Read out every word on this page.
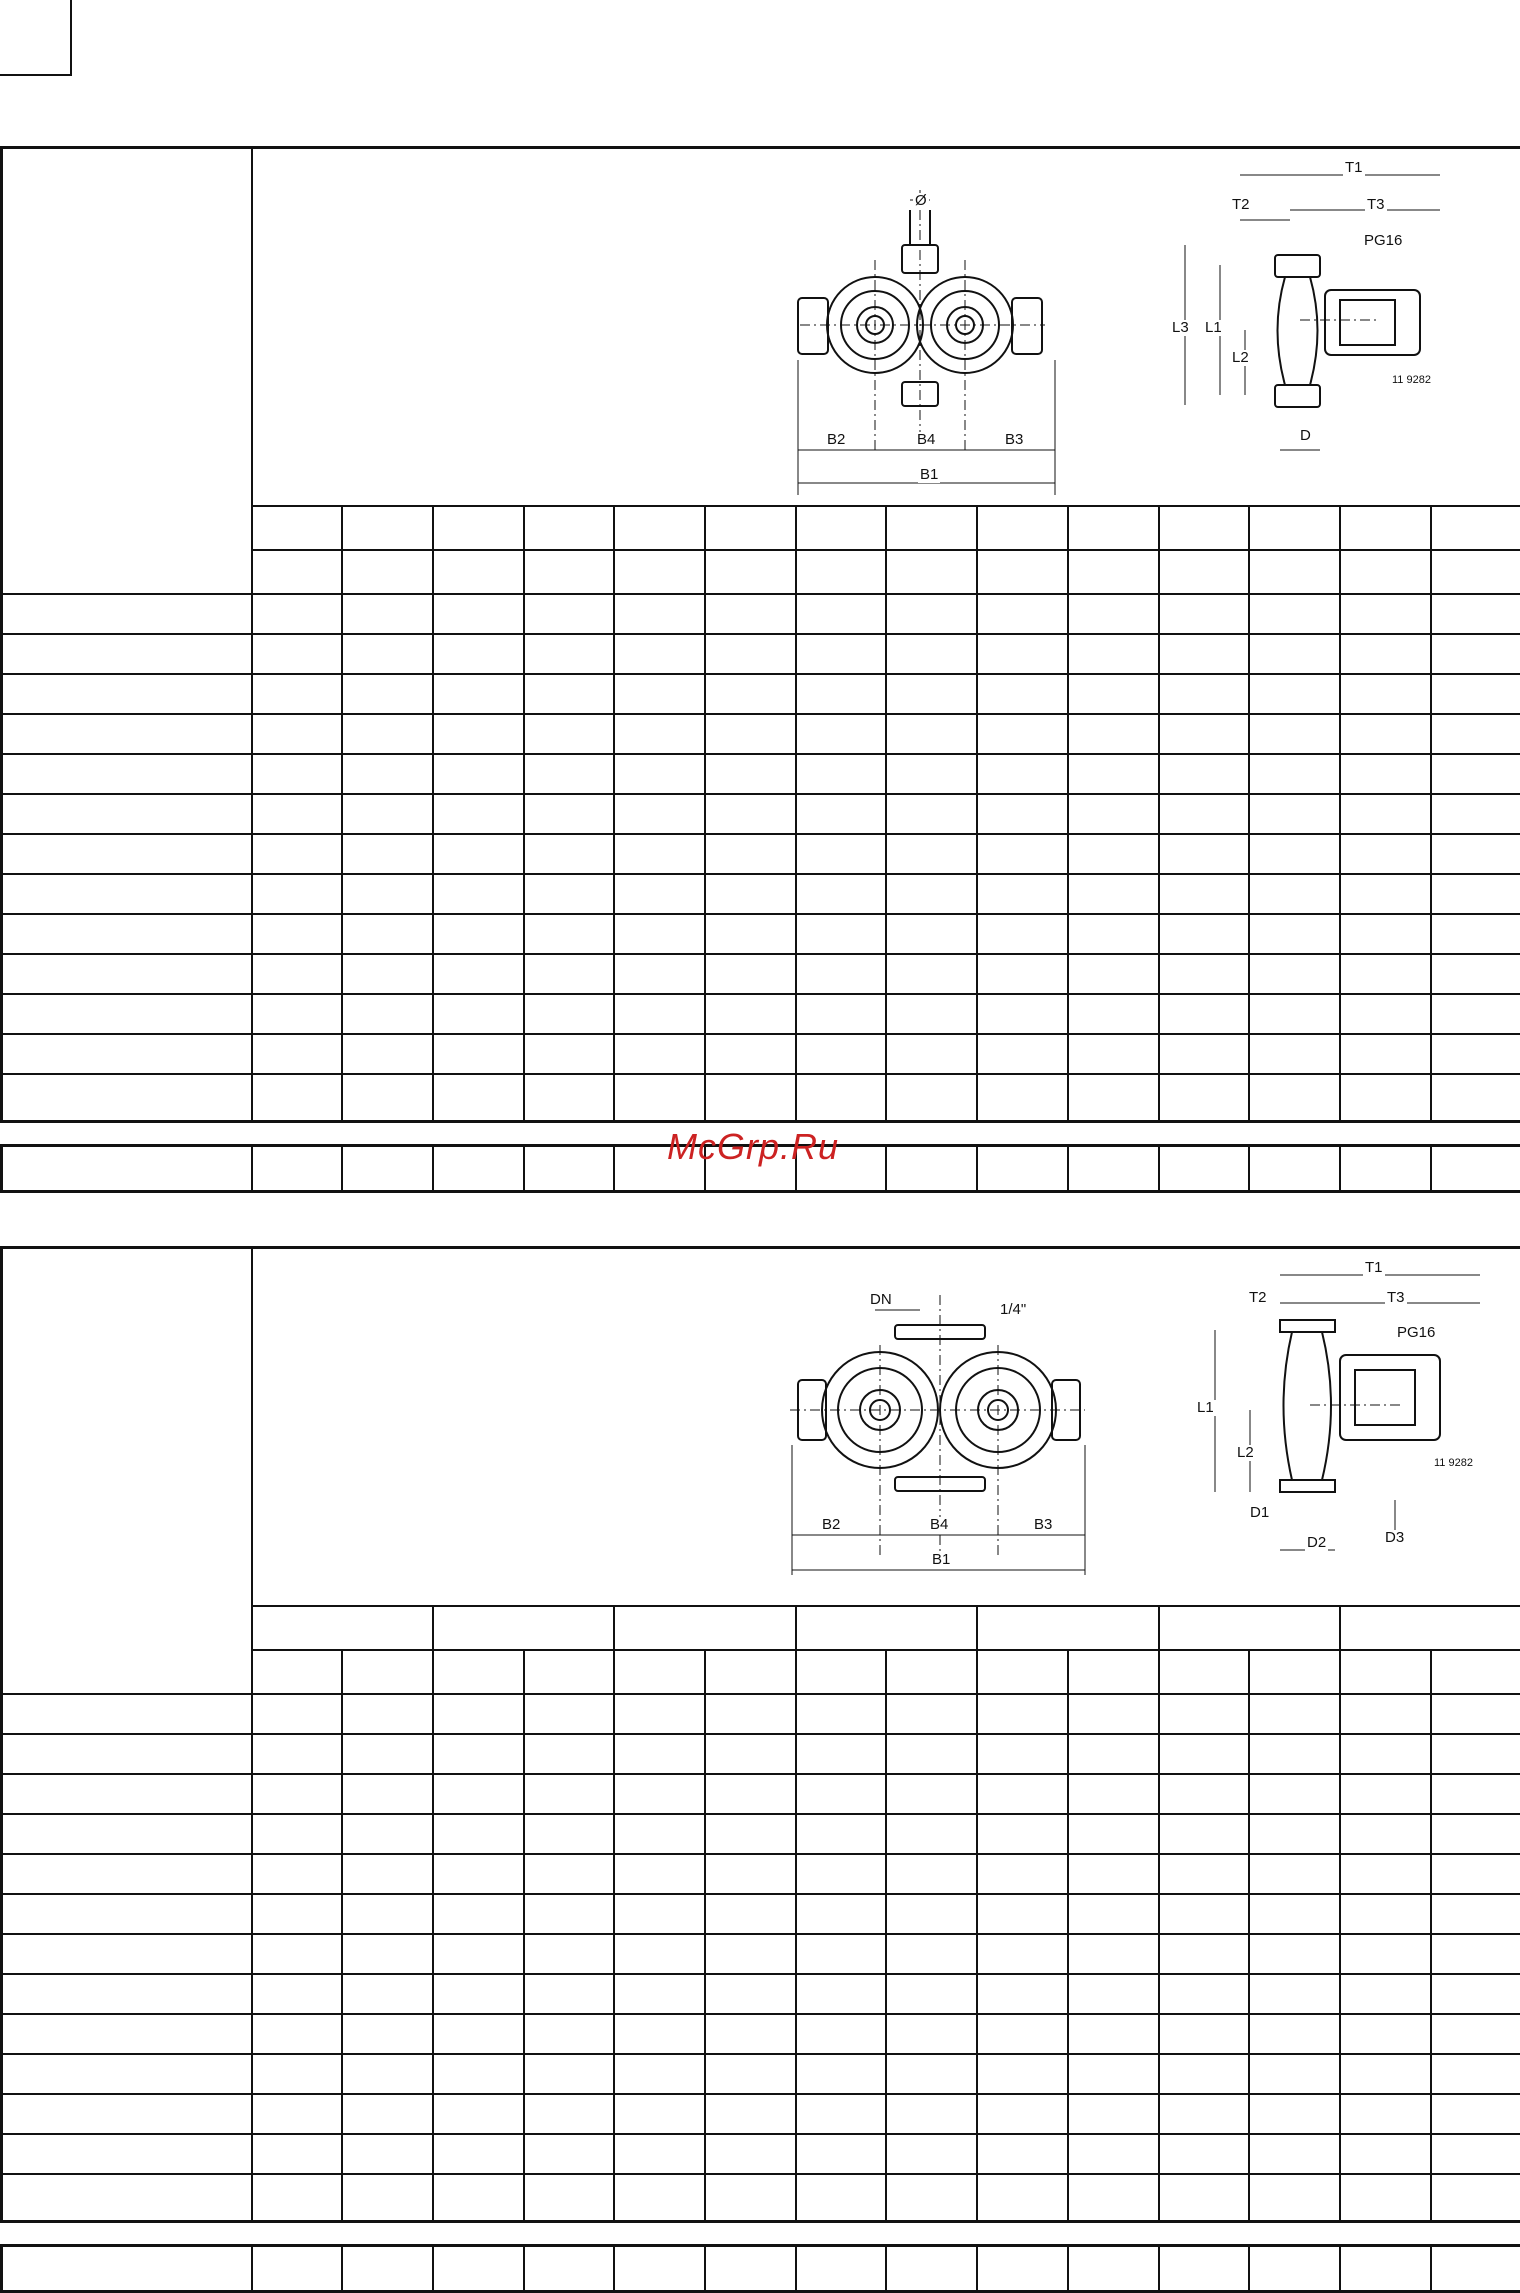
Ø
B2	B4	B3
B1
T1
T2	T3
PG16
L3 L1
L2
D
11 9282

DN
1/4"
B2	B4	B3
B1
T1
T2	T3
PG16
L1
L2
D1
D2	D3
11 9282
McGrp.Ru
